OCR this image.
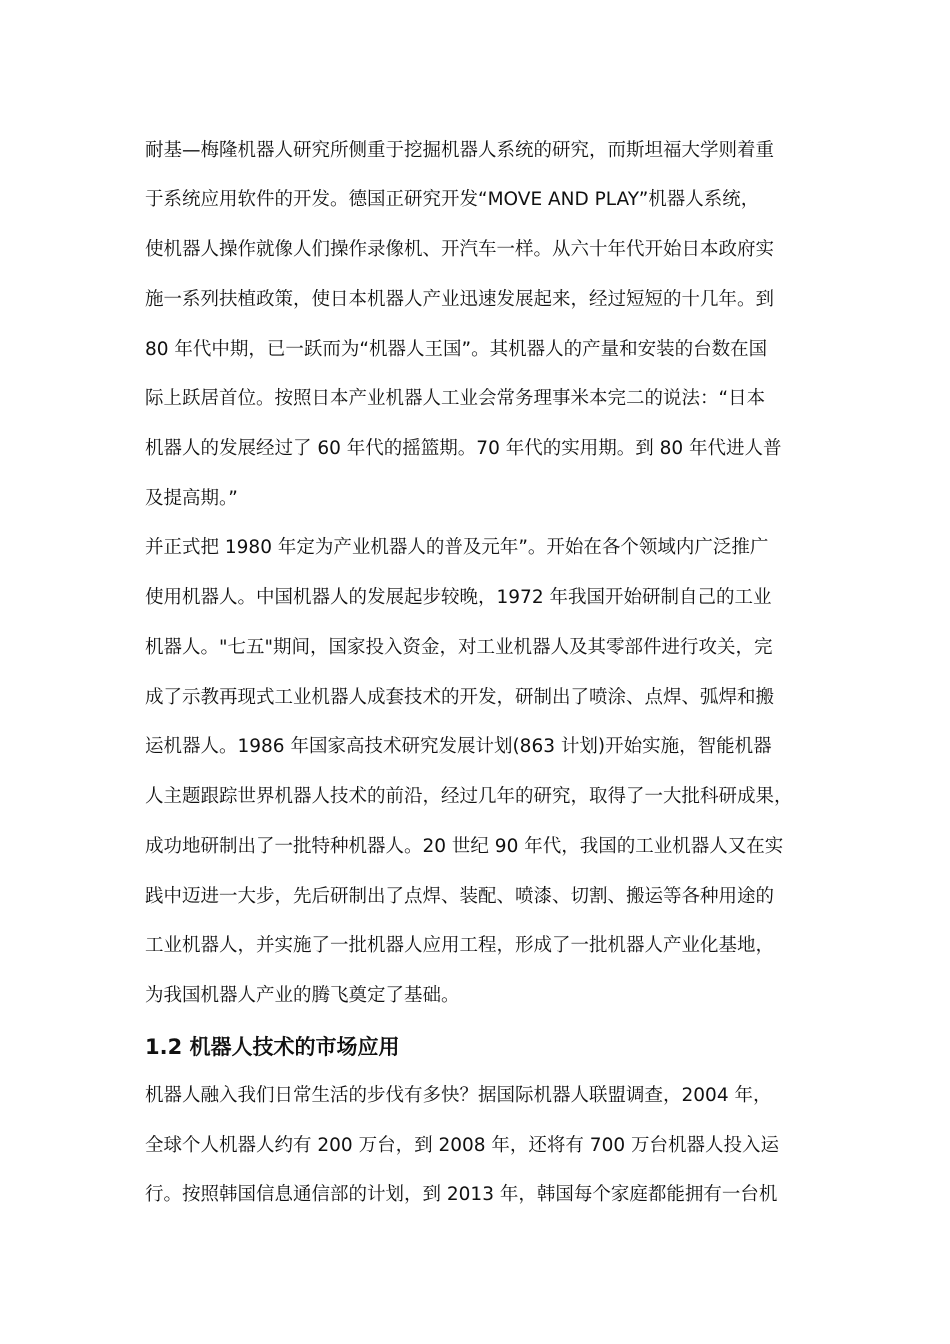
耐基—梅隆机器人研究所侧重于挖掘机器人系统的研究，而斯坦福大学则着重
于系统应用软件的开发。德国正研究开发“MOVE AND PLAY”机器人系统，
使机器人操作就像人们操作录像机、开汽车一样。从六十年代开始日本政府实
施一系列扶植政策，使日本机器人产业迅速发展起来，经过短短的十几年。到
80 年代中期，已一跃而为“机器人王国”。其机器人的产量和安装的台数在国
际上跃居首位。按照日本产业机器人工业会常务理事米本完二的说法：“日本
机器人的发展经过了 60 年代的摇篮期。70 年代的实用期。到 80 年代进人普
及提高期。”
并正式把 1980 年定为产业机器人的普及元年”。开始在各个领域内广泛推广
使用机器人。中国机器人的发展起步较晚，1972 年我国开始研制自己的工业
机器人。"七五"期间，国家投入资金，对工业机器人及其零部件进行攻关，完
成了示教再现式工业机器人成套技术的开发，研制出了喷涂、点焊、弧焊和搬
运机器人。1986 年国家高技术研究发展计划(863 计划)开始实施，智能机器
人主题跟踪世界机器人技术的前沿，经过几年的研究，取得了一大批科研成果，
成功地研制出了一批特种机器人。20 世纪 90 年代，我国的工业机器人又在实
践中迈进一大步，先后研制出了点焊、装配、喷漆、切割、搬运等各种用途的
工业机器人，并实施了一批机器人应用工程，形成了一批机器人产业化基地，
为我国机器人产业的腾飞奠定了基础。
1.2 机器人技术的市场应用
机器人融入我们日常生活的步伐有多快？据国际机器人联盟调查，2004 年，
全球个人机器人约有 200 万台，到 2008 年，还将有 700 万台机器人投入运
行。按照韩国信息通信部的计划，到 2013 年，韩国每个家庭都能拥有一台机
